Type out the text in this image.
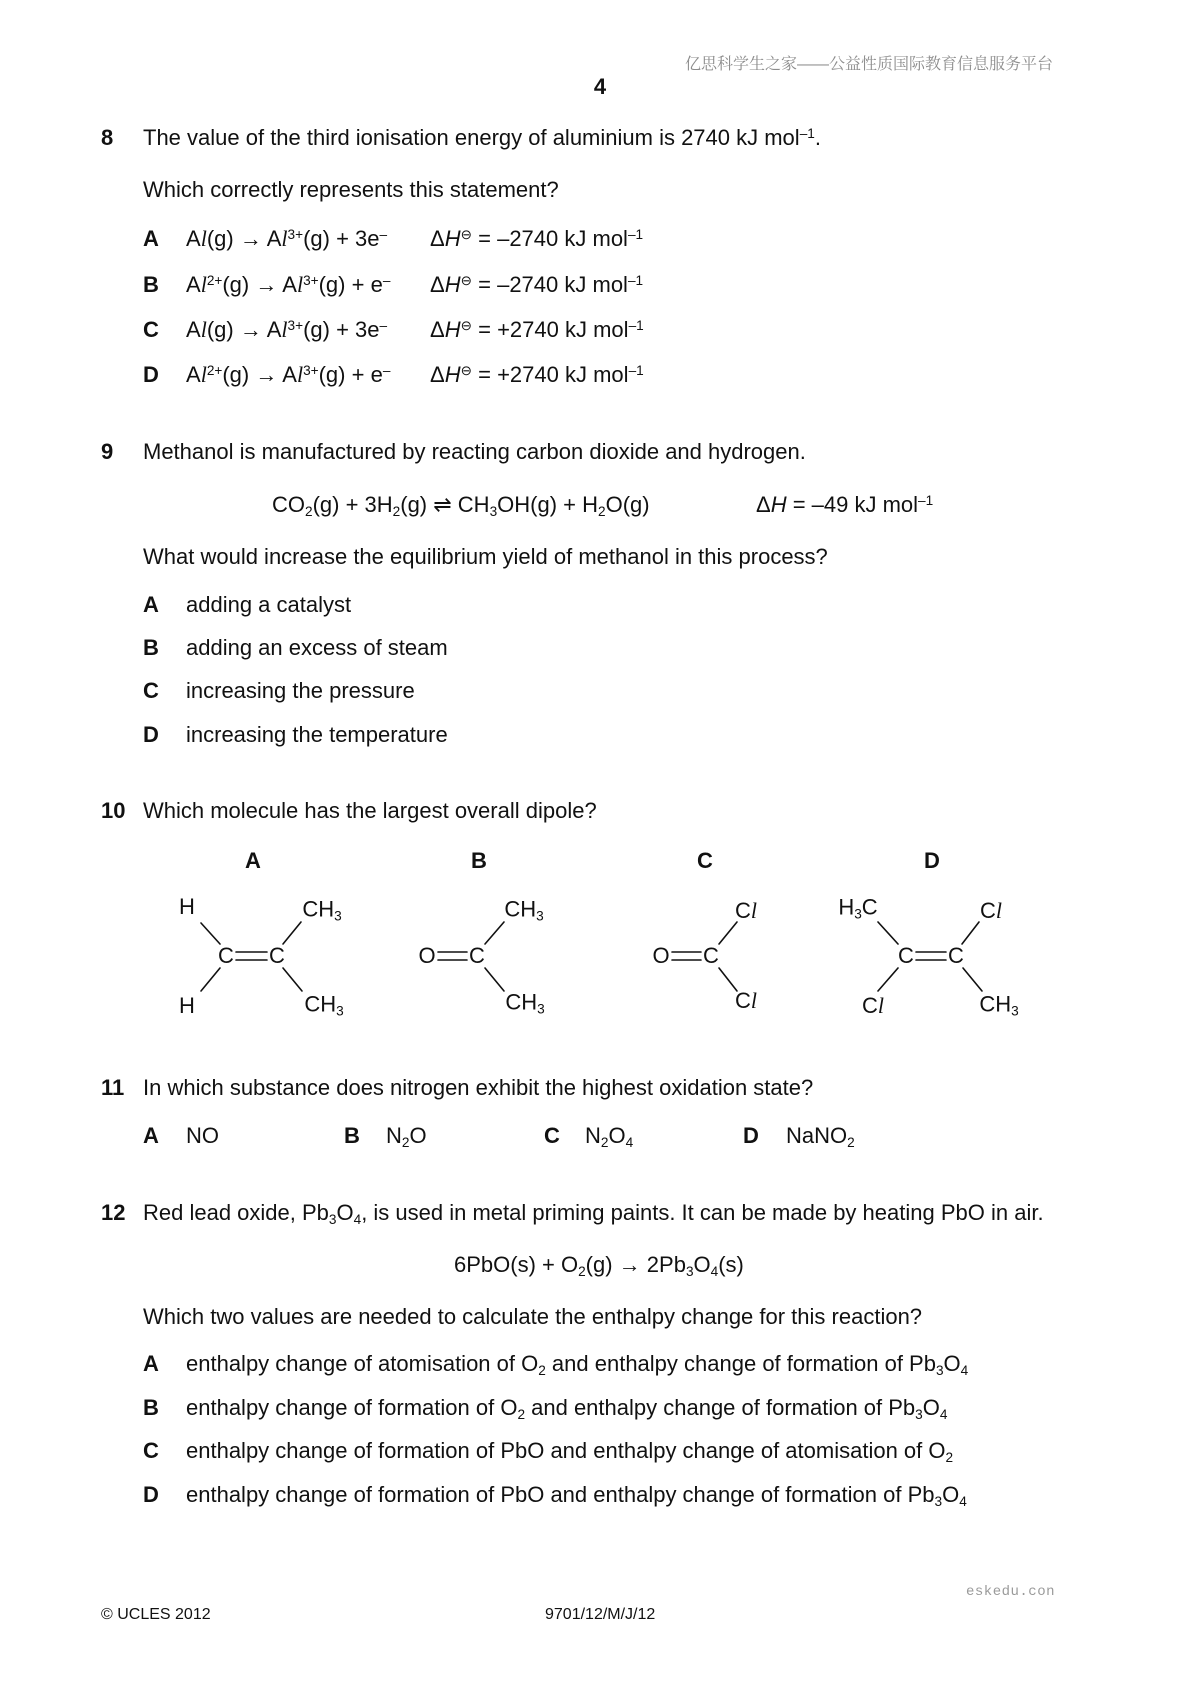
亿思科学生之家——公益性质国际教育信息服务平台
4
8 The value of the third ionisation energy of aluminium is 2740 kJ mol$^{-1}$.
Which correctly represents this statement?
A $Al(g) \to Al^{3+}(g) + 3e^-$ ΔH⊖ = –2740 kJ mol$^{-1}$
B $Al^{2+}(g) \to Al^{3+}(g) + e^-$ ΔH⊖ = –2740 kJ mol$^{-1}$
C $Al(g) \to Al^{3+}(g) + 3e^-$ ΔH⊖ = +2740 kJ mol$^{-1}$
D $Al^{2+}(g) \to Al^{3+}(g) + e^-$ ΔH⊖ = +2740 kJ mol$^{-1}$
9 Methanol is manufactured by reacting carbon dioxide and hydrogen.
CO2(g) + 3H2(g) ⇌ CH3OH(g) + H2O(g)	ΔH = –49 kJ mol$^{-1}$
What would increase the equilibrium yield of methanol in this process?
A adding a catalyst
B adding an excess of steam
C increasing the pressure
D increasing the temperature
10 Which molecule has the largest overall dipole?
A	B	C	D
H	CH3
C C
H	CH3
CH3
O C
CH3
Cl
O C
Cl
H3C	Cl
C C
Cl	CH3
11 In which substance does nitrogen exhibit the highest oxidation state?
A NO	B N2O	C N2O4	D NaNO2
12 Red lead oxide, Pb3O4, is used in metal priming paints. It can be made by heating PbO in air.
6PbO(s) + O2(g) → 2Pb3O4(s)
Which two values are needed to calculate the enthalpy change for this reaction?
A enthalpy change of atomisation of O2 and enthalpy change of formation of Pb3O4
B enthalpy change of formation of O2 and enthalpy change of formation of Pb3O4
C enthalpy change of formation of PbO and enthalpy change of atomisation of O2
D enthalpy change of formation of PbO and enthalpy change of formation of Pb3O4
eskedu.con
© UCLES 2012	9701/12/M/J/12
